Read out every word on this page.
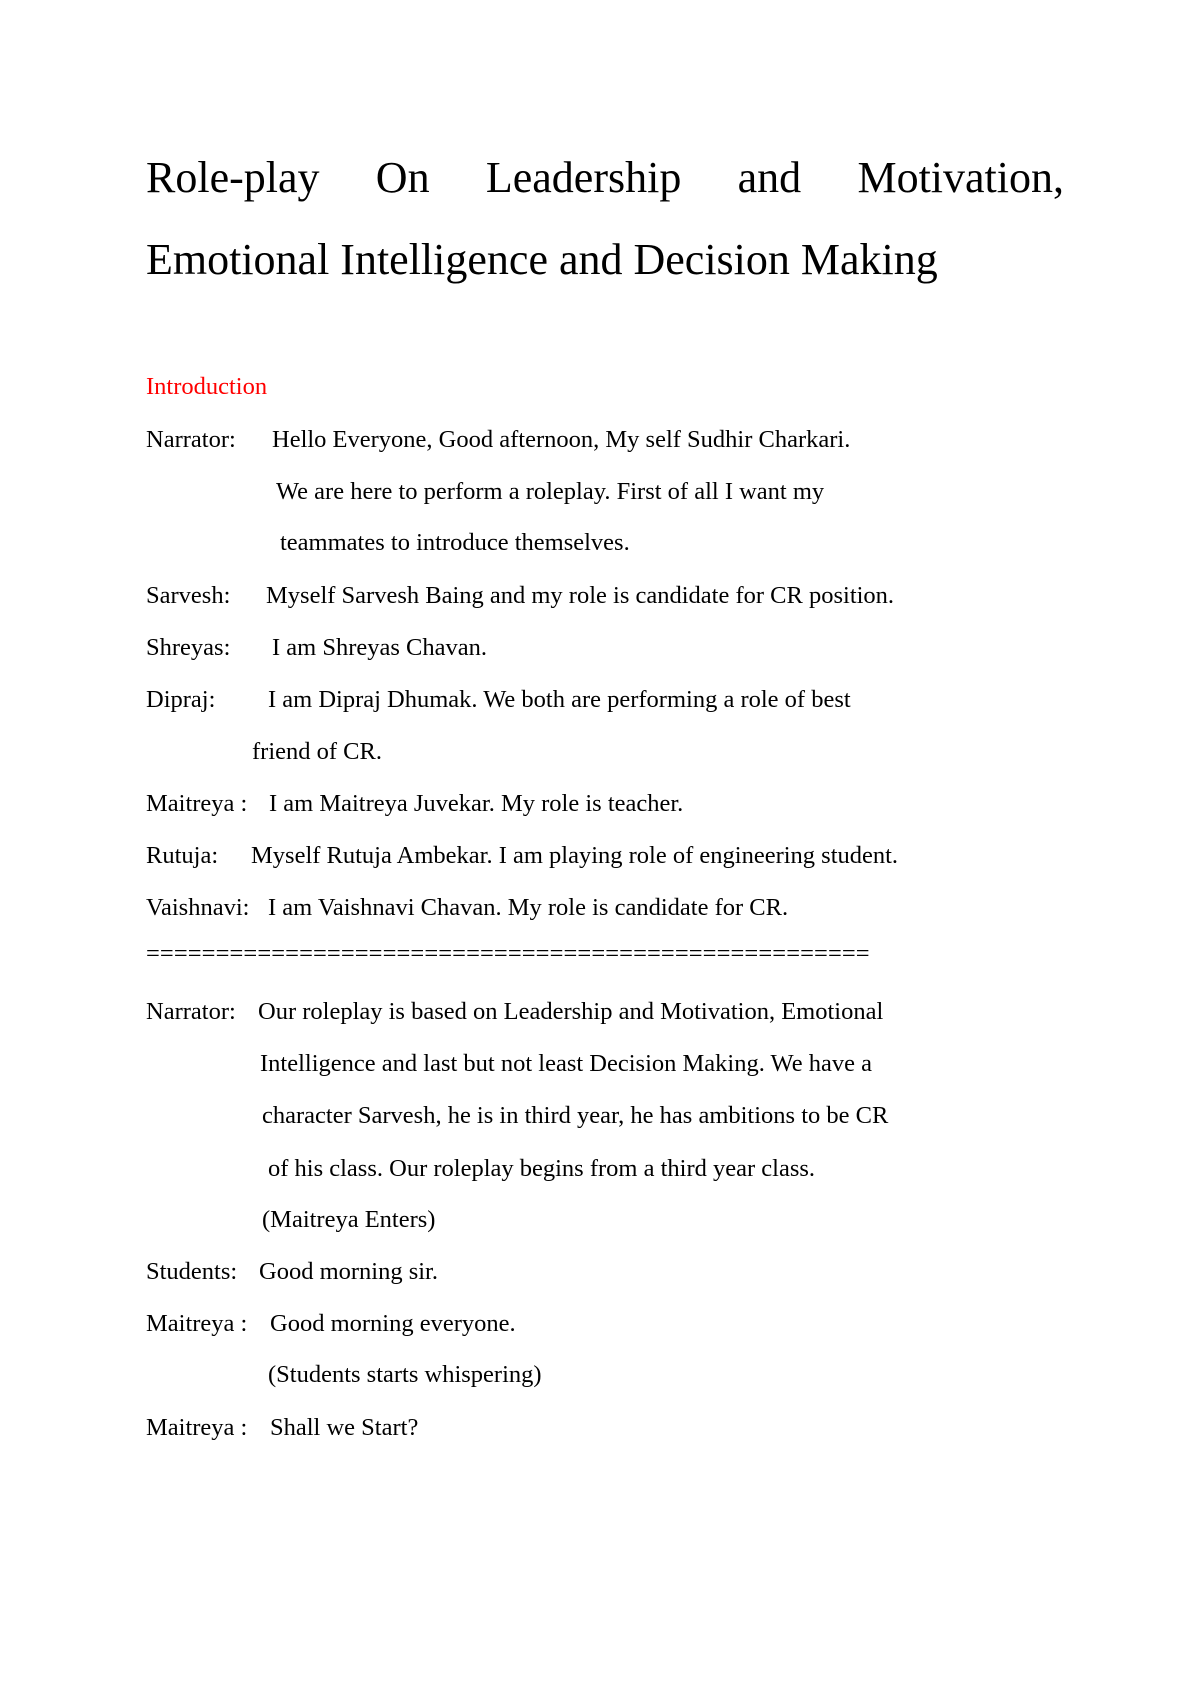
Role-play On Leadership and Motivation,
Emotional Intelligence and Decision Making
Introduction
Narrator: Hello Everyone, Good afternoon, My self Sudhir Charkari.
We are here to perform a roleplay. First of all I want my
teammates to introduce themselves.
Sarvesh: Myself Sarvesh Baing and my role is candidate for CR position.
Shreyas: I am Shreyas Chavan.
Dipraj: I am Dipraj Dhumak. We both are performing a role of best
friend of CR.
Maitreya : I am Maitreya Juvekar. My role is teacher.
Rutuja: Myself Rutuja Ambekar. I am playing role of engineering student.
Vaishnavi: I am Vaishnavi Chavan. My role is candidate for CR.
====================================================
Narrator: Our roleplay is based on Leadership and Motivation, Emotional
Intelligence and last but not least Decision Making. We have a
character Sarvesh, he is in third year, he has ambitions to be CR
of his class. Our roleplay begins from a third year class.
(Maitreya Enters)
Students: Good morning sir.
Maitreya : Good morning everyone.
(Students starts whispering)
Maitreya : Shall we Start?
